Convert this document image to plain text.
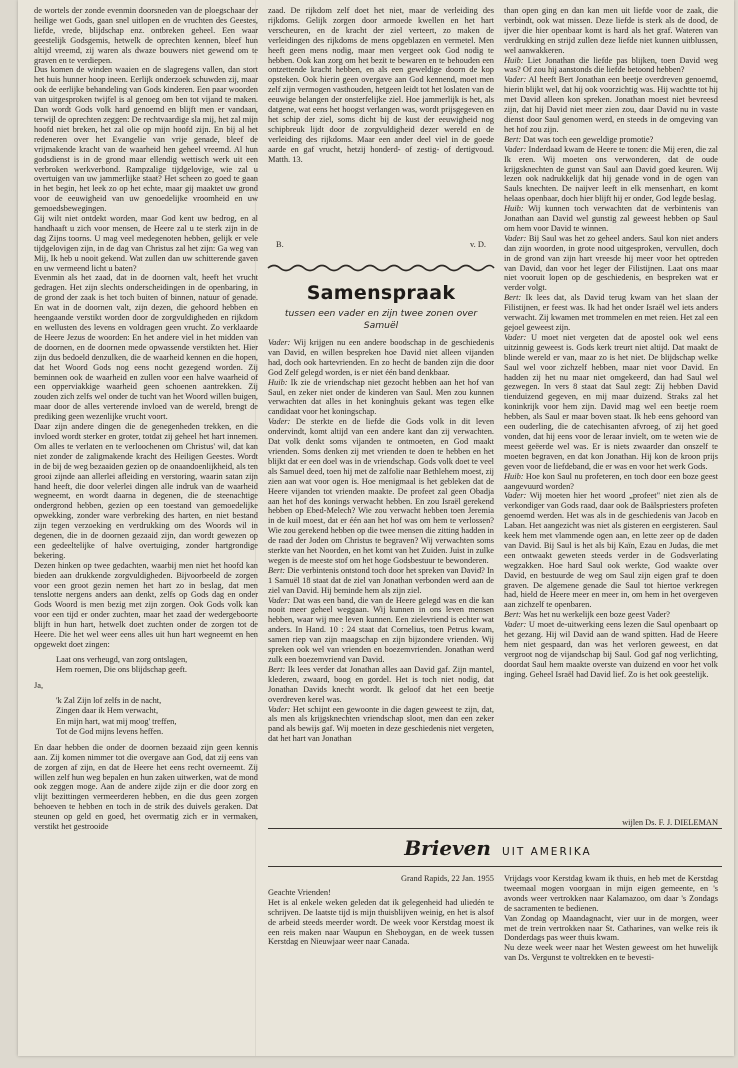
de wortels der zonde evenmin doorsneden van de ploegschaar der heilige wet Gods, gaan snel uitlopen en de vruchten des Geestes, liefde, vrede, blijdschap enz. ontbreken geheel. Een waar geestelijk Godsgemis, hetwelk de oprechten kennen, bleef hun altijd vreemd, zij waren als dwaze bouwers niet gewend om te graven en te verdiepen.

Dus komen de winden waaien en de slagregens vallen, dan stort het huis hunner hoop ineen. Eerlijk onderzoek schuwden zij, maar ook de eerlijke behandeling van Gods kinderen. Een paar woorden van uitgesproken twijfel is al genoeg om ben tot vijand te maken. Dan wordt Gods volk hard genoemd en blijft men er vandaan, terwijl de oprechten zeggen: De rechtvaardige sla mij, het zal mijn hoofd niet breken, het zal olie op mijn hoofd zijn. En bij al het redeneren over het Evangelie van vrije genade, bleef de vrijmakende kracht van de waarheid hen geheel vreemd. Al hun godsdienst is in de grond maar ellendig wettisch werk uit een verbroken werkverbond. Rampzalige tijdgelovige, wie zal u overtuigen van uw jammerlijke staat? Het scheen zo goed te gaan in het begin, het leek zo op het echte, maar gij maaktet uw grond voor de eeuwigheid van uw genoedelijke vroomheid en uw gemoedsbewegingen.

Gij wilt niet ontdekt worden, maar God kent uw bedrog, en al handhaaft u zich voor mensen, de Heere zal u te sterk zijn in de dag Zijns toorns. U mag veel medegenoten hebben, gelijk er vele tijdgelovigen zijn, in de dag van Christus zal het zijn: Ga weg van Mij, Ik heb u nooit gekend. Wat zullen dan uw schitterende gaven en uw vermeend licht u baten?

Evenmin als het zaad, dat in de doornen valt, heeft het vrucht gedragen. Het zijn slechts onderscheidingen in de openbaring, in de grond der zaak is het toch buiten of binnen, natuur of genade. En wat in de doornen valt, zijn dezen, die gehoord hebben en heengaande verstikt worden door de zorgvuldigheden en rijkdom en wellusten des levens en voldragen geen vrucht. Zo verklaarde de Heere Jezus de woorden: En het andere viel in het midden van de doornen, en de doornen mede opwassende verstikten het. Hier zijn dus bedoeld denzulken, die de waarheid kennen en die hopen, dat het Woord Gods nog eens nocht gezegend worden. Zij beminnen ook de waarheid en zullen voor een halve waarheid of een opperviakkige waarheid geen schoenen aantrekken. Zij zouden zich zelfs wel onder de tucht van het Woord willen buigen, maar door de alles verterende invloed van de wereld, brengt de prediking geen wezenlijke vrucht voort.

Daar zijn andere dingen die de genegenheden trekken, en die invloed wordt sterker en groter, totdat zij geheel het hart innemen. Om alles te verlaten en te verloochenen om Christus' wil, dat kan niet zonder de zaligmakende kracht des Heiligen Geestes. Wordt in de bij de weg bezaaiden gezien op de onaandoenlijkheid, als ten grooi zijnde aan allerlei afleiding en verstoring, waarin satan zijn hand heeft, die door velerlei dingen alle indruk van de waarheid wegneemt, en wordt daarna in degenen, die de steenachtige ondergrond hebben, gezien op een toestand van gemoedelijke opwekking, zonder ware verbreking des harten, en niet bestand zijn tegen verzoeking en verdrukking om des Woords wil in degenen, die in de doornen gezaaid zijn, dan wordt gewezen op een gedeeltelijke of halve overtuiging, zonder hartgrondige bekering.

Dezen hinken op twee gedachten, waarbij men niet het hoofd kan bieden aan drukkende zorgvuldigheden. Bijvoorbeeld de zorgen voor een groot gezin nemen het hart zo in beslag, dat men tenslotte nergens anders aan denkt, zelfs op Gods dag en onder Gods Woord is men bezig met zijn zorgen. Ook Gods volk kan voor een tijd er onder zuchten, maar het zaad der wedergeboorte blijft in hun hart, hetwelk doet zuchten onder de zorgen tot de Heere. Die het wel weer eens alles uit hun hart wegneemt en hen opgewekt doet zingen:

Laat ons verheugd, van zorg ontslagen,
Hem roemen, Die ons blijdschap geeft.

Ja,

'k Zal Zijn lof zelfs in de nacht,
Zingen daar ik Hem verwacht,
En mijn hart, wat mij moog' treffen,
Tot de God mijns levens heffen.

En daar hebben die onder de doornen bezaaid zijn geen kennis aan. Zij komen nimmer tot die overgave aan God, dat zij eens van de zorgen af zijn, en dat de Heere het eens recht overneemt. Zij willen zelf hun weg bepalen en hun zaken uitwerken, wat de mond ook zeggen moge. Aan de andere zijde zijn er die door zorg en vlijt bezittingen vermeerderen hebben, en die dus geen zorgen behoeven te hebben en toch in de strik des duivels geraken. Dat steunen op geld en goed, het overmatig zich er in vermaken, verstikt het gestrooide

zaad. De rijkdom zelf doet het niet, maar de verleiding des rijkdoms. Gelijk zorgen door armoede kwellen en het hart verscheuren, en de kracht der ziel verteert, zo maken de verleidingen des rijkdoms de mens opgeblazen en vermetel. Men heeft geen mens nodig, maar men vergeet ook God nodig te hebben. Ook kan zorg om het bezit te bewaren en te behouden een ontzettende kracht hebben, en als een geweldige doorn de kop opsteken. Ook hierin geen overgave aan God kennend, moet men zelf zijn vermogen vasthouden, hetgeen leidt tot het loslaten van de eeuwige belangen der onsterfelijke ziel. Hoe jammerlijk is het, als datgene, wat eens het hoogst verlangen was, wordt prijsgegeven en het schip der ziel, soms dicht bij de kust der eeuwigheid nog schipbreuk lijdt door de zorgvuldigheid dezer wereld en de verleiding des rijkdoms. Maar een ander deel viel in de goede aarde en gaf vrucht, hetzij honderd- of zestig- of dertigvoud. Matth. 13.

B.	v. D.
Samenspraak
tussen een vader en zijn twee zonen over Samuël

Vader: Wij krijgen nu een andere boodschap in de geschiedenis van David, en willen bespreken hoe David niet alleen vijanden had, doch ook hartevrienden. En zo hecht de banden zijn die door God Zelf gelegd worden, is er niet één band denkbaar.

Huib: Ik zie de vriendschap niet gezocht hebben aan het hof van Saul, en zeker niet onder de kinderen van Saul. Men zou kunnen verwachten dat alles in het koninghuis gekant was tegen elke candidaat voor het koningschap.

Vader: De sterkte en de liefde die Gods volk in dit leven ondervindt, komt altijd van een andere kant dan zij verwachten. Dat volk denkt soms vijanden te ontmoeten, en God maakt vrienden. Soms denken zij met vrienden te doen te hebben en het blijkt dat er een doel was in de vriendschap. Gods volk doet te veel als Samuel deed, toen hij met de zalfolie naar Bethlehem moest, zij zien aan wat voor ogen is. Hoe menigmaal is het gebleken dat de Heere vijanden tot vrienden maakte. De profeet zal geen Obadja aan het hof des konings verwacht hebben. En zou Israël gerekend hebben op Ebed-Melech? Wie zou verwacht hebben toen Jeremia in de kuil moest, dat er één aan het hof was om hem te verlossen? Wie zou gerekend hebben op die twee mensen die zitting hadden in de raad der Joden om Christus te begraven? Wij verwachten soms sterkte van het Noorden, en het komt van het Zuiden. Juist in zulke wegen is de meeste stof om het hoge Godsbestuur te bewonderen.

Bert: Die verbintenis ontstond toch door het spreken van David? In 1 Samuël 18 staat dat de ziel van Jonathan verbonden werd aan de ziel van David. Hij beminde hem als zijn ziel.

Vader: Dat was een band, die van de Heere gelegd was en die kan nooit meer geheel weggaan. Wij kunnen in ons leven mensen hebben, waar wij mee leven kunnen. Een zielevriend is echter wat anders. In Hand. 10 : 24 staat dat Cornelius, toen Petrus kwam, samen riep van zijn maagschap en zijn bijzondere vrienden. Wij spreken ook wel van vrienden en boezemvrienden. Jonathan werd zulk een boezemvriend van David.

Bert: Ik lees verder dat Jonathan alles aan David gaf. Zijn mantel, klederen, zwaard, boog en gordel. Het is toch niet nodig, dat Jonathan Davids knecht wordt. Ik geloof dat het een beetje overdreven kerel was.

Vader: Het schijnt een gewoonte in die dagen geweest te zijn, dat, als men als krijgsknechten vriendschap sloot, men dan een zeker pand als bewijs gaf. Wij moeten in deze geschiedenis niet vergeten, dat het hart van Jonathan

than open ging en dan kan men uit liefde voor de zaak, die verbindt, ook wat missen. Deze liefde is sterk als de dood, de ijver die hier openbaar komt is hard als het graf. Wateren van verdrukking en strijd zullen deze liefde niet kunnen uitblussen, wel aanwakkeren.

Huib: Liet Jonathan die liefde pas blijken, toen David weg was? Of zou hij aanstonds die liefde betoond hebben?

Vader: Al heeft Bert Jonathan een beetje overdreven genoemd, hierin blijkt wel, dat hij ook voorzichtig was. Hij wachtte tot hij met David alleen kon spreken. Jonathan moest niet bevreesd zijn, dat hij David niet meer zien zou, daar David nu in vaste dienst door Saul genomen werd, en steeds in de omgeving van het hof zou zijn.

Bert: Dat was toch een geweldige promotie?

Vader: Inderdaad kwam de Heere te tonen: die Mij eren, die zal Ik eren. Wij moeten ons verwonderen, dat de oude krijgsknechten de gunst van Saul aan David goed keuren. Wij lezen ook nadrukkelijk dat hij genade vond in de ogen van Sauls knechten. De naijver leeft in elk mensenhart, en komt helaas openbaar, doch hier blijft hij er onder, God legde beslag.

Huib: Wij kunnen toch verwachten dat de verbintenis van Jonathan aan David wel gunstig zal geweest hebben op Saul om hem voor David te winnen.

Vader: Bij Saul was het zo geheel anders. Saul kon niet anders dan zijn woorden, in grote nood uitgesproken, vervullen, doch in de grond van zijn hart vreesde hij meer voor het optreden van David, dan voor het leger der Filistijnen. Laat ons maar niet vooruit lopen op de geschiedenis, en bespreken wat er verder volgt.

Bert: Ik lees dat, als David terug kwam van het slaan der Filistijnen, er feest was. Ik had het onder Israël wel iets anders verwacht. Zij kwamen met trommelen en met reien. Het zal een gejoel geweest zijn.

Vader: U moet niet vergeten dat de apostel ook wel eens uitzinnig geweest is. Gods kerk treurt niet altijd. Dat maakt de blinde wereld er van, maar zo is het niet. De blijdschap welke Saul wel voor zichzelf hebben, maar niet voor David. En hadden zij het nu maar niet omgekeerd, dan had Saul wel gezwegen. In vers 8 staat dat Saul zegt: Zij hebben David tienduizend gegeven, en mij maar duizend. Straks zal het koninkrijk voor hem zijn. David mag wel een beetje roem hebben, als Saul er maar boven staat. Ik heb eens gehoord van een ouderling, die de catechisanten afvroeg, of zij het goed vonden, dat hij eens voor de leraar invielt, om te weten wie de meest geëerde wel was. Er is niets zwaarder dan onszelf te moeten begraven, en dat kon Jonathan. Hij kon de kroon prijs geven voor de liefdeband, die er was en voor het werk Gods.

Huib: Hoe kon Saul nu profeteren, en toch door een boze geest aangevuurd worden?

Vader: Wij moeten hier het woord „profeet" niet zien als de verkondiger van Gods raad, daar ook de Baälspriesters profeten genoemd werden. Het was als in de geschiedenis van Jacob en Laban. Het aangezicht was niet als gisteren en eergisteren. Saul keek hem met vlammende ogen aan, en lette zeer op de daden van David. Bij Saul is het als bij Kaïn, Ezau en Judas, die met een ontwaakt geweten steeds verder in de Godsverlating wegzakken. Hoe hard Saul ook werkte, God waakte over David, en bestuurde de weg om Saul zijn eigen graf te doen graven. De algemene genade die Saul tot hiertoe verkregen had, hield de Heere meer en meer in, om hem in het overgeven aan zichzelf te openbaren.

Bert: Was het nu werkelijk een boze geest Vader?

Vader: U moet de-uitwerking eens lezen die Saul openbaart op het gezang. Hij wil David aan de wand spitten. Had de Heere hem niet gespaard, dan was het verloren geweest, en dat vergroot nog de vijandschap bij Saul. God gaf nog verlichting, doordat Saul hem maakte overste van duizend en voor het volk inging. Geheel Israël had David lief. Zo is het ook geestelijk.

wijlen Ds. F. J. DIELEMAN
Brieven UIT AMERIKA

Grand Rapids, 22 Jan. 1955

Geachte Vrienden!

Het is al enkele weken geleden dat ik gelegenheid had uliedén te schrijven. De laatste tijd is mijn thuisblijven weinig, en het is alsof de arbeid steeds meerder wordt. De week voor Kerstdag moest ik een reis maken naar Waupun en Sheboygan, en de week tussen Kerstdag en Nieuwjaar weer naar Canada.

Vrijdags voor Kerstdag kwam ik thuis, en heb met de Kerstdag tweemaal mogen voorgaan in mijn eigen gemeente, en 's avonds weer vertrokken naar Kalamazoo, om daar 's Zondags de sacramenten te bedienen.

Van Zondag op Maandagnacht, vier uur in de morgen, weer met de trein vertrokken naar St. Catharines, van welke reis ik Donderdags pas weer thuis kwam.

Nu deze week weer naar het Westen geweest om het huwelijk van Ds. Vergunst te voltrekken en te bevesti-
